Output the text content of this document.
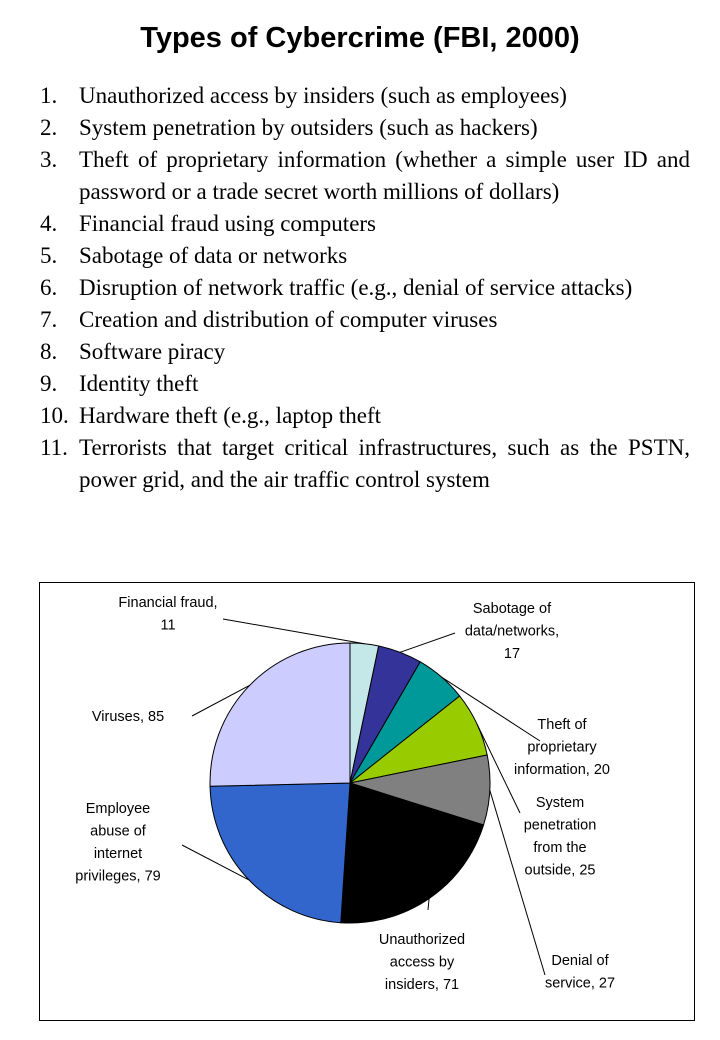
Types of Cybercrime (FBI, 2000)
1. Unauthorized access by insiders (such as employees)
2. System penetration by outsiders (such as hackers)
3. Theft of proprietary information (whether a simple user ID and password or a trade secret worth millions of dollars)
4. Financial fraud using computers
5. Sabotage of data or networks
6. Disruption of network traffic (e.g., denial of service attacks)
7. Creation and distribution of computer viruses
8. Software piracy
9. Identity theft
10. Hardware theft (e.g., laptop theft
11. Terrorists that target critical infrastructures, such as the PSTN, power grid, and the air traffic control system
Financial fraud, 11
Sabotage of data/networks, 17
Theft of proprietary information, 20
System penetration from the outside, 25
Denial of service, 27
Unauthorized access by insiders, 71
Employee abuse of internet privileges, 79
Viruses, 85
